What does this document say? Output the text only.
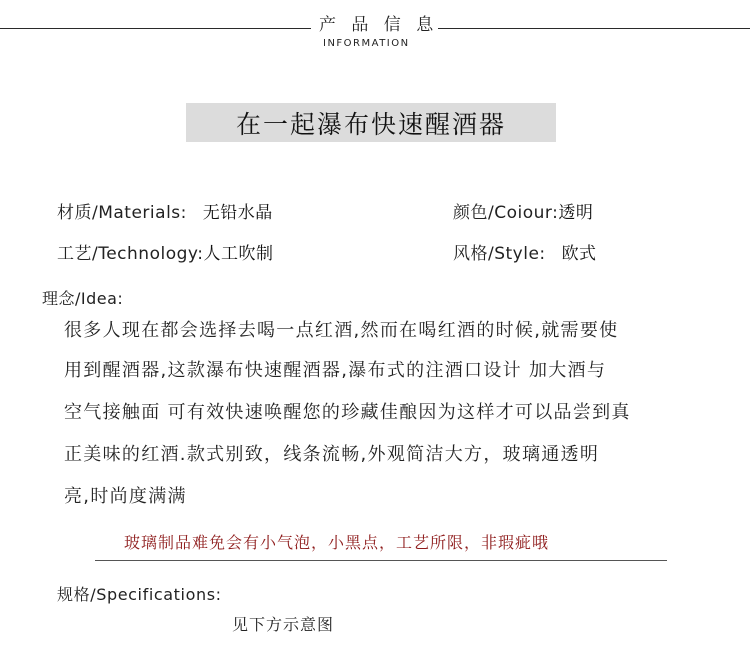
产 品 信 息
INFORMATION
在一起瀑布快速醒酒器
材质/Materials: 无铅水晶	颜色/Coiour:透明
工艺/Technology:人工吹制	风格/Style: 欧式
理念/Idea:
很多人现在都会选择去喝一点红酒,然而在喝红酒的时候,就需要使
用到醒酒器,这款瀑布快速醒酒器,瀑布式的注酒口设计 加大酒与
空气接触面 可有效快速唤醒您的珍藏佳酿因为这样才可以品尝到真
正美味的红酒.款式别致，线条流畅,外观简洁大方，玻璃通透明
亮,时尚度满满
玻璃制品难免会有小气泡，小黑点，工艺所限，非瑕疵哦
规格/Specifications:
见下方示意图
